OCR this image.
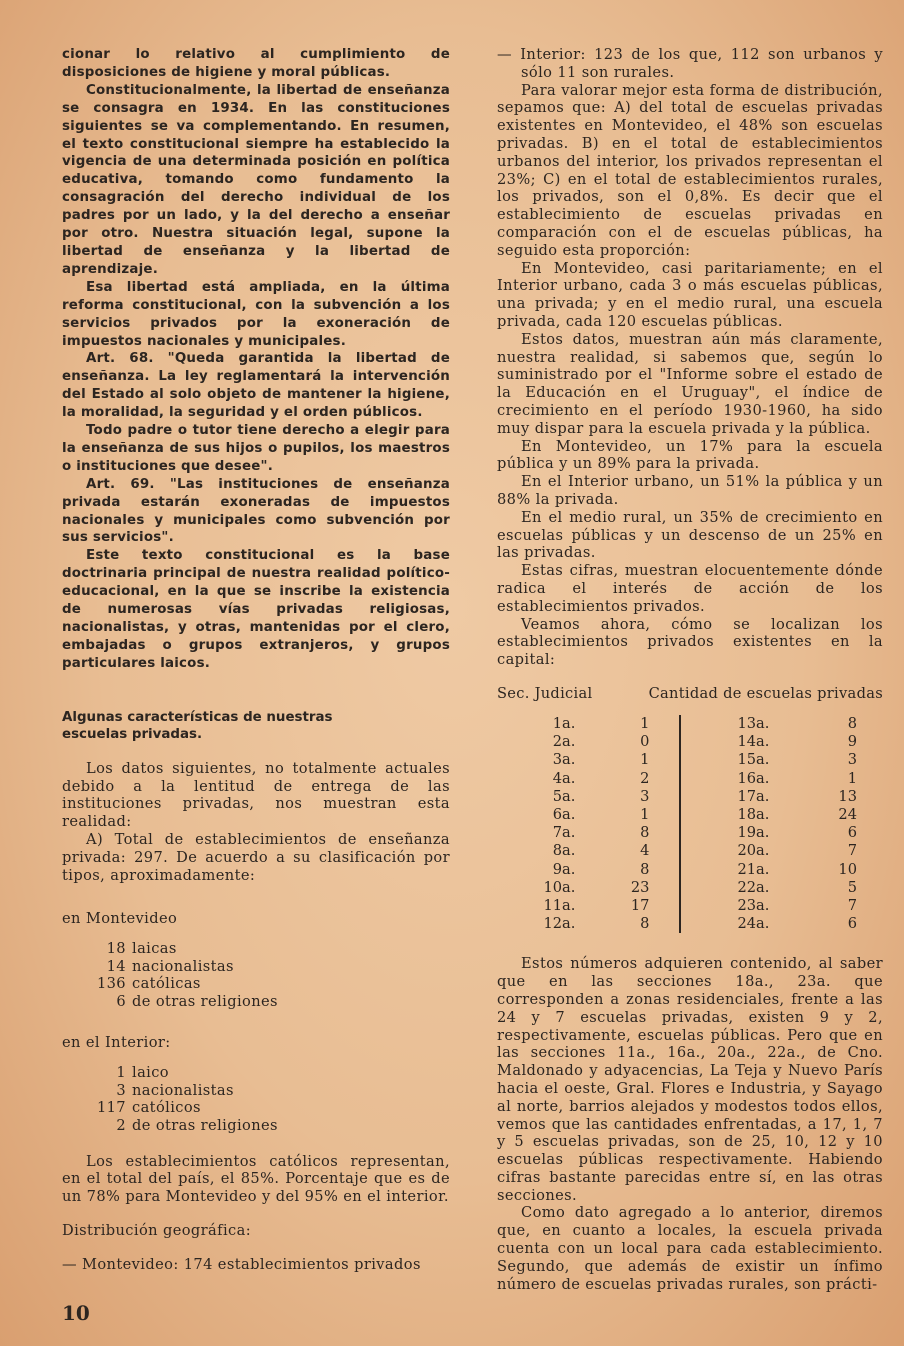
cionar lo relativo al cumplimiento de disposiciones de higiene y moral públicas.

Constitucionalmente, la libertad de enseñanza se consagra en 1934. En las constituciones siguientes se va complementando. En resumen, el texto constitucional siempre ha establecido la vigencia de una determinada posición en política educativa, tomando como fundamento la consagración del derecho individual de los padres por un lado, y la del derecho a enseñar por otro. Nuestra situación legal, supone la libertad de enseñanza y la libertad de aprendizaje.

Esa libertad está ampliada, en la última reforma constitucional, con la subvención a los servicios privados por la exoneración de impuestos nacionales y municipales.

Art. 68. "Queda garantida la libertad de enseñanza. La ley reglamentará la intervención del Estado al solo objeto de mantener la higiene, la moralidad, la seguridad y el orden públicos.

Todo padre o tutor tiene derecho a elegir para la enseñanza de sus hijos o pupilos, los maestros o instituciones que desee".

Art. 69. "Las instituciones de enseñanza privada estarán exoneradas de impuestos nacionales y municipales como subvención por sus servicios".

Este texto constitucional es la base doctrinaria principal de nuestra realidad político-educacional, en la que se inscribe la existencia de numerosas vías privadas religiosas, nacionalistas, y otras, mantenidas por el clero, embajadas o grupos extranjeros, y grupos particulares laicos.

Algunas características de nuestras escuelas privadas.

Los datos siguientes, no totalmente actuales debido a la lentitud de entrega de las instituciones privadas, nos muestran esta realidad:

A) Total de establecimientos de enseñanza privada: 297. De acuerdo a su clasificación por tipos, aproximadamente:

en Montevideo

18 laicas
14 nacionalistas
136 católicas
6 de otras religiones

en el Interior:

1 laico
3 nacionalistas
117 católicos
2 de otras religiones

Los establecimientos católicos representan, en el total del país, el 85%. Porcentaje que es de un 78% para Montevideo y del 95% en el interior.

Distribución geográfica:

— Montevideo: 174 establecimientos privados

— Interior: 123 de los que, 112 son urbanos y sólo 11 son rurales.

Para valorar mejor esta forma de distribución, sepamos que: A) del total de escuelas privadas existentes en Montevideo, el 48% son escuelas privadas. B) en el total de establecimientos urbanos del interior, los privados representan el 23%; C) en el total de establecimientos rurales, los privados, son el 0,8%. Es decir que el establecimiento de escuelas privadas en comparación con el de escuelas públicas, ha seguido esta proporción:

En Montevideo, casi paritariamente; en el Interior urbano, cada 3 o más escuelas públicas, una privada; y en el medio rural, una escuela privada, cada 120 escuelas públicas.

Estos datos, muestran aún más claramente, nuestra realidad, si sabemos que, según lo suministrado por el "Informe sobre el estado de la Educación en el Uruguay", el índice de crecimiento en el período 1930-1960, ha sido muy dispar para la escuela privada y la pública.

En Montevideo, un 17% para la escuela pública y un 89% para la privada.

En el Interior urbano, un 51% la pública y un 88% la privada.

En el medio rural, un 35% de crecimiento en escuelas públicas y un descenso de un 25% en las privadas.

Estas cifras, muestran elocuentemente dónde radica el interés de acción de los establecimientos privados.

Veamos ahora, cómo se localizan los establecimientos privados existentes en la capital:

Sec. Judicial	Cantidad de escuelas privadas
1a.	1	13a.	8
2a.	0	14a.	9
3a.	1	15a.	3
4a.	2	16a.	1
5a.	3	17a.	13
6a.	1	18a.	24
7a.	8	19a.	6
8a.	4	20a.	7
9a.	8	21a.	10
10a.	23	22a.	5
11a.	17	23a.	7
12a.	8	24a.	6

Estos números adquieren contenido, al saber que en las secciones 18a., 23a. que corresponden a zonas residenciales, frente a las 24 y 7 escuelas privadas, existen 9 y 2, respectivamente, escuelas públicas. Pero que en las secciones 11a., 16a., 20a., 22a., de Cno. Maldonado y adyacencias, La Teja y Nuevo París hacia el oeste, Gral. Flores e Industria, y Sayago al norte, barrios alejados y modestos todos ellos, vemos que las cantidades enfrentadas, a 17, 1, 7 y 5 escuelas privadas, son de 25, 10, 12 y 10 escuelas públicas respectivamente. Habiendo cifras bastante parecidas entre sí, en las otras secciones.

Como dato agregado a lo anterior, diremos que, en cuanto a locales, la escuela privada cuenta con un local para cada establecimiento. Segundo, que además de existir un ínfimo número de escuelas privadas rurales, son prácti-

10
